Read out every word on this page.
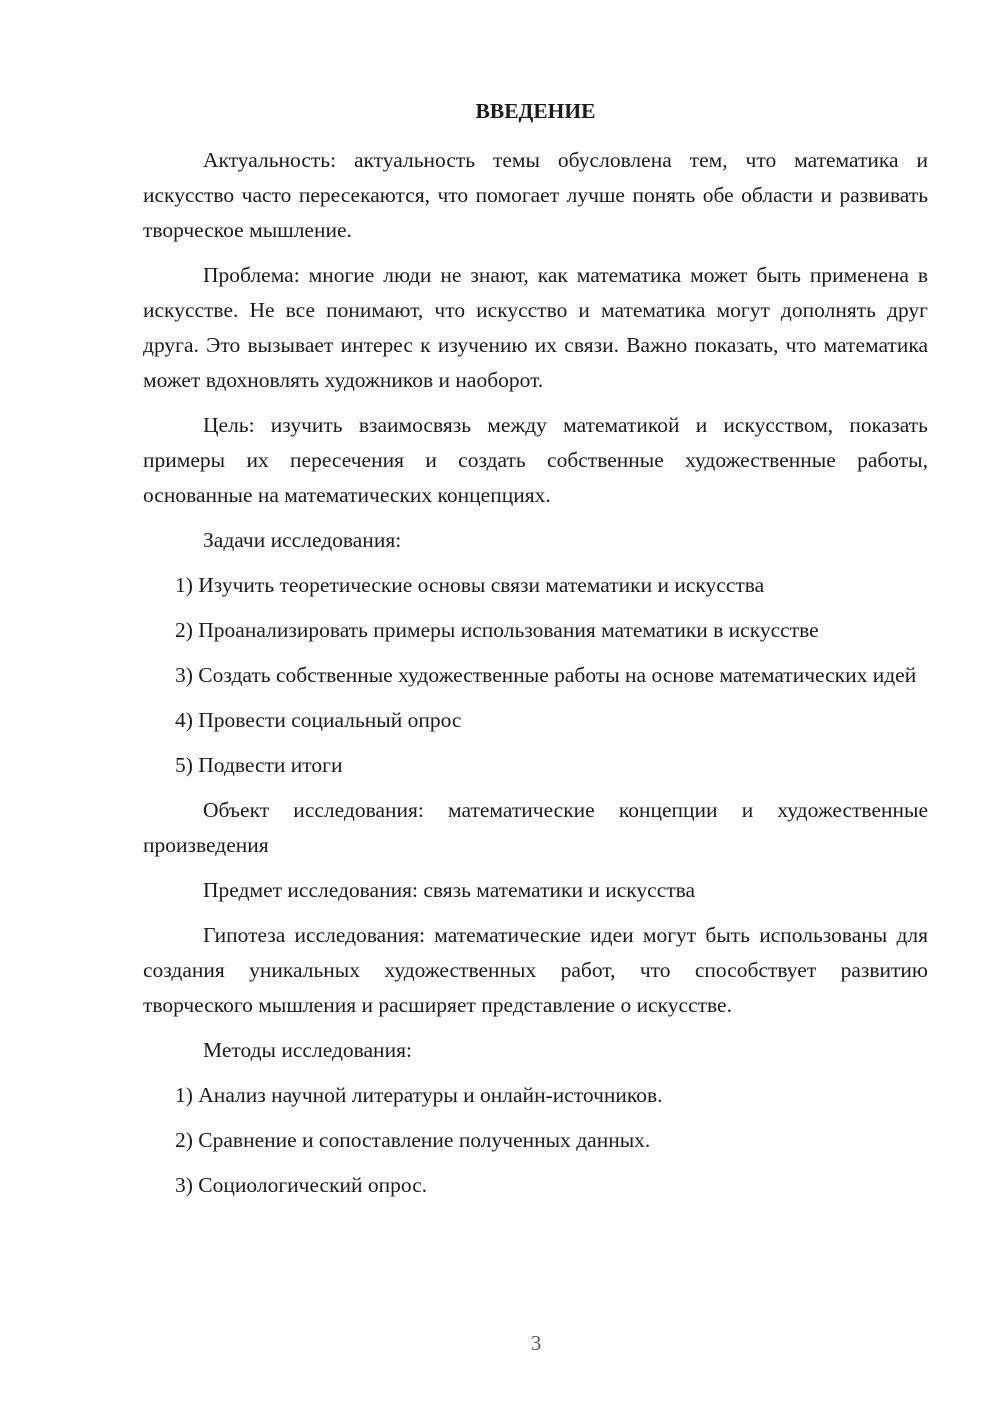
ВВЕДЕНИЕ

Актуальность: актуальность темы обусловлена тем, что математика и искусство часто пересекаются, что помогает лучше понять обе области и развивать творческое мышление.

Проблема: многие люди не знают, как математика может быть применена в искусстве. Не все понимают, что искусство и математика могут дополнять друг друга. Это вызывает интерес к изучению их связи. Важно показать, что математика может вдохновлять художников и наоборот.

Цель: изучить взаимосвязь между математикой и искусством, показать примеры их пересечения и создать собственные художественные работы, основанные на математических концепциях.

Задачи исследования:

1) Изучить теоретические основы связи математики и искусства

2) Проанализировать примеры использования математики в искусстве

3) Создать собственные художественные работы на основе математических идей

4) Провести социальный опрос

5) Подвести итоги

Объект исследования: математические концепции и художественные произведения

Предмет исследования: связь математики и искусства

Гипотеза исследования: математические идеи могут быть использованы для создания уникальных художественных работ, что способствует развитию творческого мышления и расширяет представление о искусстве.

Методы исследования:

1) Анализ научной литературы и онлайн-источников.

2) Сравнение и сопоставление полученных данных.

3) Социологический опрос.

3
